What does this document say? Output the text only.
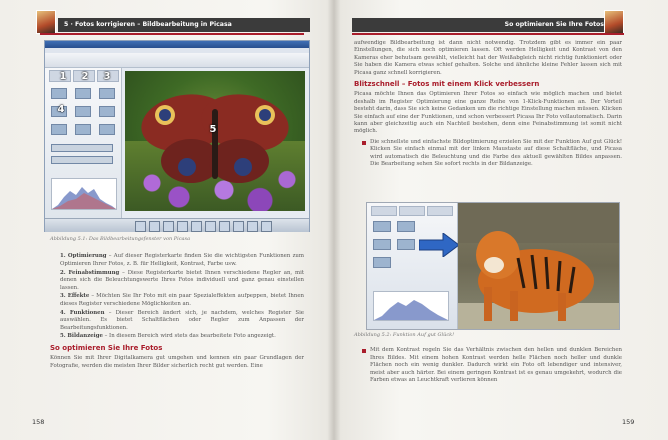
5 · Fotos korrigieren – Bildbearbeitung in Picasa
1 2 3
4
5
Abbildung 5.1: Das Bildbearbeitungsfenster von Picasa
1. Optimierung – Auf dieser Registerkarte finden Sie die wichtigsten Funktionen zum Optimieren Ihrer Fotos, z. B. für Helligkeit, Kontrast, Farbe usw.
2. Feinabstimmung – Diese Registerkarte bietet Ihnen verschiedene Regler an, mit denen sich die Beleuchtungswerte Ihres Fotos individuell und ganz genau einstellen lassen.
3. Effekte – Möchten Sie Ihr Foto mit ein paar Spezialeffekten aufpeppen, bietet Ihnen dieses Register verschiedene Möglichkeiten an.
4. Funktionen – Dieser Bereich ändert sich, je nachdem, welches Register Sie auswählen. Es bietet Schaltflächen oder Regler zum Anpassen der Bearbeitungsfunktionen.
5. Bildanzeige – In diesem Bereich wird stets das bearbeitete Foto angezeigt.
So optimieren Sie Ihre Fotos

Können Sie mit Ihrer Digitalkamera gut umgehen und kennen ein paar Grundlagen der Fotografie, werden die meisten Ihrer Bilder sicherlich recht gut werden. Eine

158
So optimieren Sie Ihre Fotos

aufwendige Bildbearbeitung ist dann nicht notwendig. Trotzdem gibt es immer ein paar Einstellungen, die sich noch optimieren lassen. Oft werden Helligkeit und Kontrast von den Kameras eher behutsam gewählt, vielleicht hat der Weißabgleich nicht richtig funktioniert oder Sie haben die Kamera etwas schief gehalten. Solche und ähnliche kleine Fehler lassen sich mit Picasa ganz schnell korrigieren.

Blitzschnell – Fotos mit einem Klick verbessern

Picasa möchte Ihnen das Optimieren Ihrer Fotos so einfach wie möglich machen und bietet deshalb im Register Optimierung eine ganze Reihe von 1-Klick-Funktionen an. Der Vorteil besteht darin, dass Sie sich keine Gedanken um die richtige Einstellung machen müssen. Klicken Sie einfach auf eine der Funktionen, und schon verbessert Picasa Ihr Foto vollautomatisch. Darin kann aber gleichzeitig auch ein Nachteil bestehen, denn eine Feinabstimmung ist somit nicht möglich.

Die schnellste und einfachste Bildoptimierung erzielen Sie mit der Funktion Auf gut Glück! Klicken Sie einfach einmal mit der linken Maustaste auf diese Schaltfläche, und Picasa wird automatisch die Beleuchtung und die Farbe des aktuell gewählten Bildes anpassen. Die Bearbeitung sehen Sie sofort rechts in der Bildanzeige.
Abbildung 5.2: Funktion Auf gut Glück!
Mit dem Kontrast regeln Sie das Verhältnis zwischen den hellen und dunklen Bereichen Ihres Bildes. Mit einem hohen Kontrast werden helle Flächen noch heller und dunkle Flächen noch ein wenig dunkler. Dadurch wirkt ein Foto oft lebendiger und intensiver, meist aber auch härter. Bei einem geringen Kontrast ist es genau umgekehrt, wodurch die Farben etwas an Leuchtkraft verlieren können
159
